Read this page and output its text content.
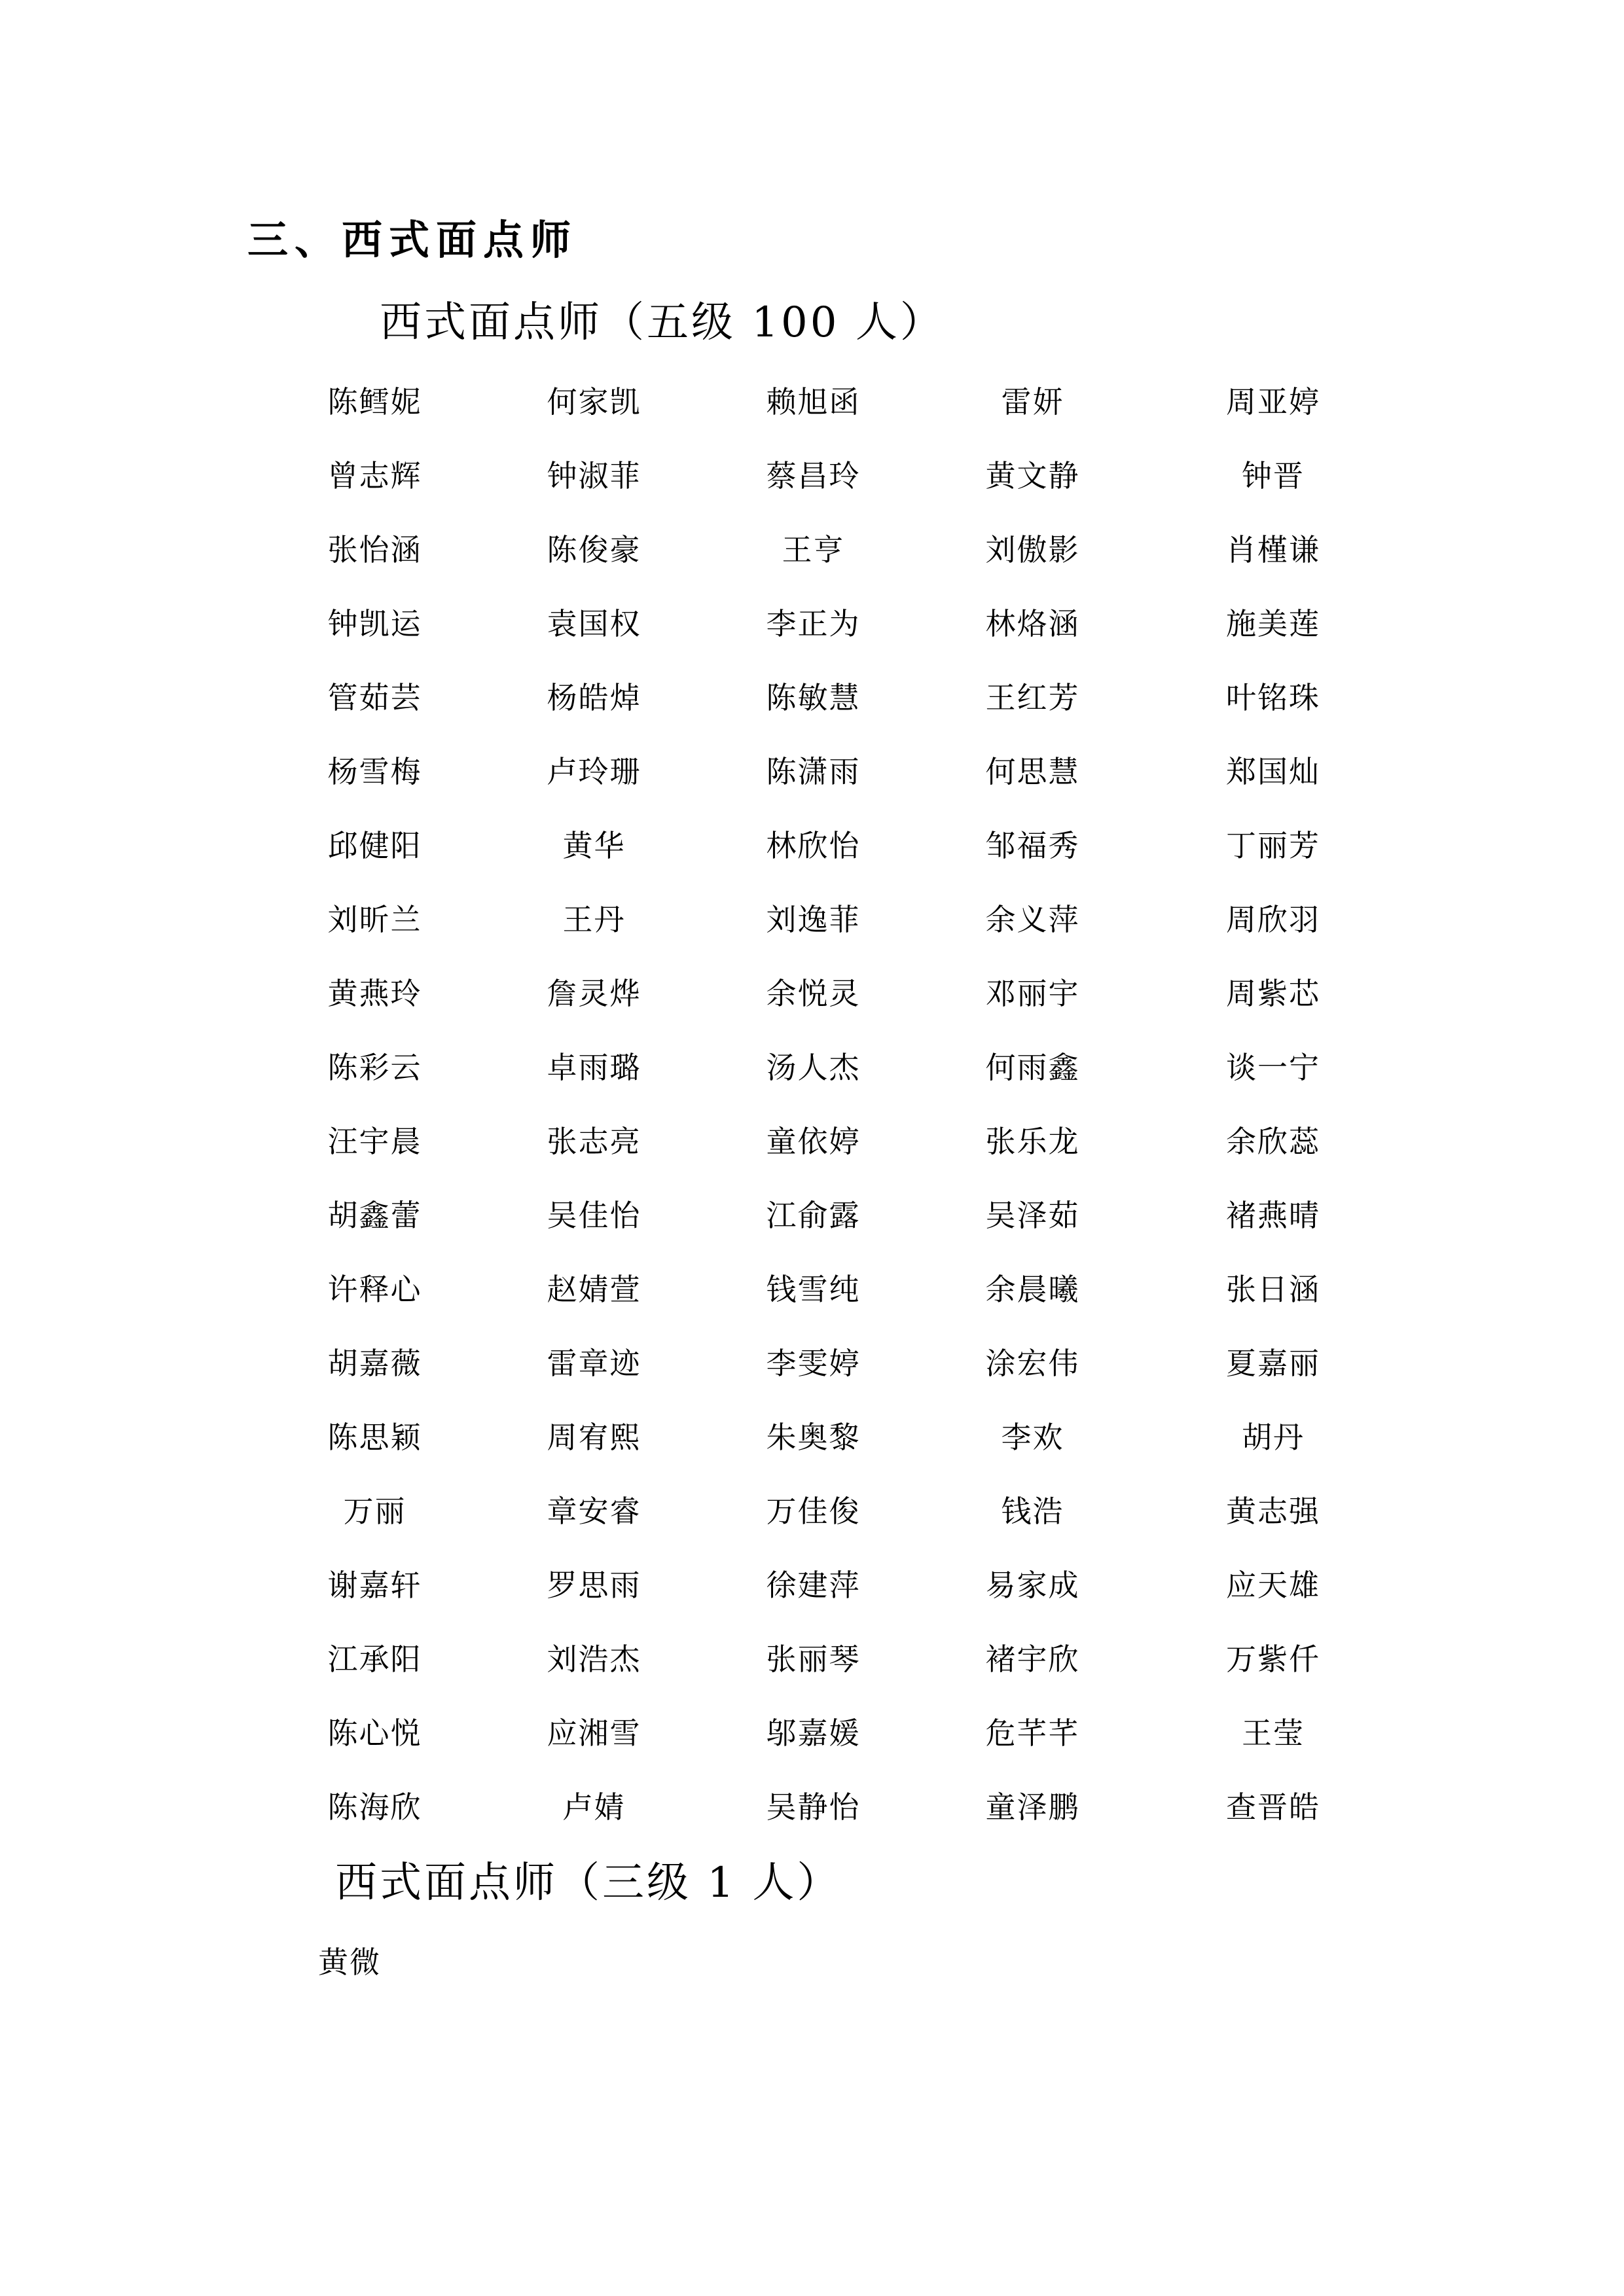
三、西式面点师
西式面点师（五级 100 人）
陈鳕妮	何家凯	赖旭函	雷妍	周亚婷
曾志辉	钟淑菲	蔡昌玲	黄文静	钟晋
张怡涵	陈俊豪	王亨	刘傲影	肖槿谦
钟凯运	袁国权	李正为	林烙涵	施美莲
管茹芸	杨皓焯	陈敏慧	王红芳	叶铭珠
杨雪梅	卢玲珊	陈潇雨	何思慧	郑国灿
邱健阳	黄华	林欣怡	邹福秀	丁丽芳
刘昕兰	王丹	刘逸菲	余义萍	周欣羽
黄燕玲	詹灵烨	余悦灵	邓丽宇	周紫芯
陈彩云	卓雨璐	汤人杰	何雨鑫	谈一宁
汪宇晨	张志亮	童依婷	张乐龙	余欣蕊
胡鑫蕾	吴佳怡	江俞露	吴泽茹	褚燕晴
许释心	赵婧萱	钱雪纯	余晨曦	张日涵
胡嘉薇	雷章迹	李雯婷	涂宏伟	夏嘉丽
陈思颖	周宥熙	朱奥黎	李欢	胡丹
万丽	章安睿	万佳俊	钱浩	黄志强
谢嘉轩	罗思雨	徐建萍	易家成	应天雄
江承阳	刘浩杰	张丽琴	褚宇欣	万紫仟
陈心悦	应湘雪	邬嘉媛	危芊芊	王莹
陈海欣	卢婧	吴静怡	童泽鹏	查晋皓
西式面点师（三级 1 人）
黄微
